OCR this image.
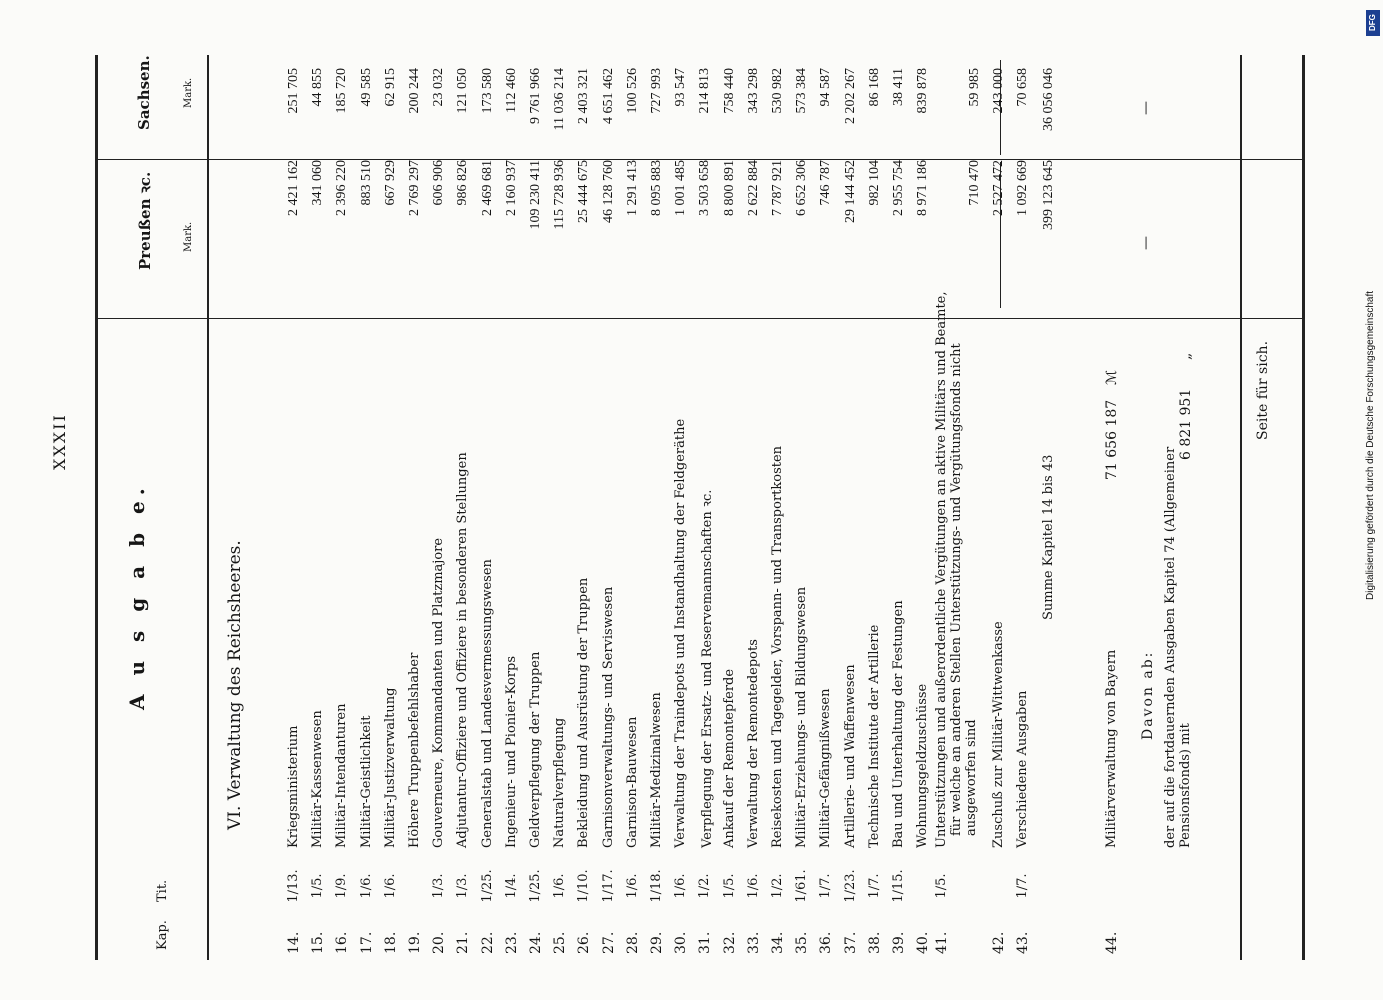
DFG
Digitalisierung gefördert durch die Deutsche Forschungsgemeinschaft
XXXII
Kap.
Tit.
A u s g a b e.
Preußen ꝛc.
Sachsen.
Mark.
Mark.
VI. Verwaltung des Reichsheeres.
14.
1/13.
Kriegsministerium
2 421 162
251 705
15.
1/5.
Militär-Kassenwesen
341 060
44 855
16.
1/9.
Militär-Intendanturen
2 396 220
185 720
17.
1/6.
Militär-Geistlichkeit
883 510
49 585
18.
1/6.
Militär-Justizverwaltung
667 929
62 915
19.
Höhere Truppenbefehlshaber
2 769 297
200 244
20.
1/3.
Gouverneure, Kommandanten und Platzmajore
606 906
23 032
21.
1/3.
Adjutantur-Offiziere und Offiziere in besonderen Stellungen
986 826
121 050
22.
1/25.
Generalstab und Landesvermessungswesen
2 469 681
173 580
23.
1/4.
Ingenieur- und Pionier-Korps
2 160 937
112 460
24.
1/25.
Geldverpflegung der Truppen
109 230 411
9 761 966
25.
1/6.
Naturalverpflegung
115 728 936
11 036 214
26.
1/10.
Bekleidung und Ausrüstung der Truppen
25 444 675
2 403 321
27.
1/17.
Garnisonverwaltungs- und Serviswesen
46 128 760
4 651 462
28.
1/6.
Garnison-Bauwesen
1 291 413
100 526
29.
1/18.
Militär-Medizinalwesen
8 095 883
727 993
30.
1/6.
Verwaltung der Traindepots und Instandhaltung der Feldgeräthe
1 001 485
93 547
31.
1/2.
Verpflegung der Ersatz- und Reservemannschaften ꝛc.
3 503 658
214 813
32.
1/5.
Ankauf der Remontepferde
8 800 891
758 440
33.
1/6.
Verwaltung der Remontedepots
2 622 884
343 298
34.
1/2.
Reisekosten und Tagegelder, Vorspann- und Transportkosten
7 787 921
530 982
35.
1/61.
Militär-Erziehungs- und Bildungswesen
6 652 306
573 384
36.
1/7.
Militär-Gefängnißwesen
746 787
94 587
37.
1/23.
Artillerie- und Waffenwesen
29 144 452
2 202 267
38.
1/7.
Technische Institute der Artillerie
982 104
86 168
39.
1/15.
Bau und Unterhaltung der Festungen
2 955 754
38 411
40.
Wohnungsgeldzuschüsse
8 971 186
839 878
41.
1/5.
Unterstützungen und außerordentliche Vergütungen an aktive Militärs und Beamte, für welche an anderen Stellen Unterstützungs- und Vergütungsfonds nicht ausgeworfen sind
710 470
59 985
42.
Zuschuß zur Militär-Wittwenkasse
2 527 472
243 000
43.
1/7.
Verschiedene Ausgaben
1 092 669
70 658
Summe Kapitel 14 bis 43
399 123 645
36 056 046
44.
Militärverwaltung von Bayern
71 656 187
ℳ
Davon ab: der auf die fortdauernden Ausgaben Kapitel 74 (Allgemeiner Pensionsfonds) mit
6 821 951
„
—
—
Seite für sich.
